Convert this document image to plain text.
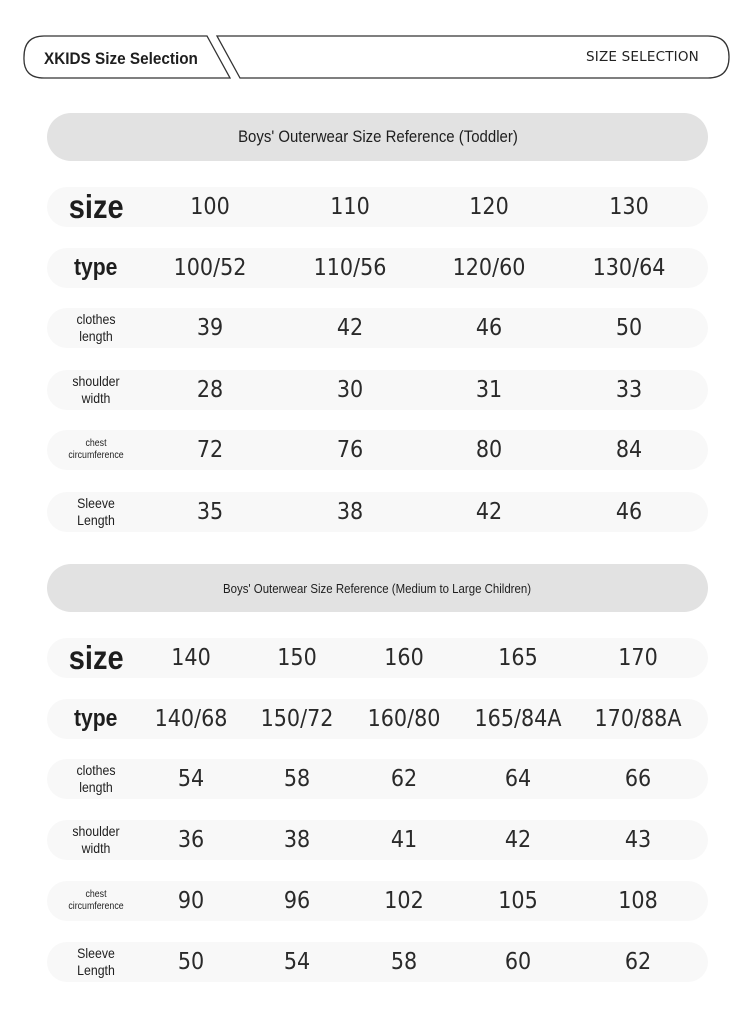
XKIDS Size Selection	SIZE SELECTION
Boys' Outerwear Size Reference (Toddler)
size	100	110	120	130
type 100/52	110/56	120/60	130/64
clothes length	39	42	46	50
shoulder width	28	30	31	33
chest circumference	72	76	80	84
Sleeve Length	35	38	42	46
Boys' Outerwear Size Reference (Medium to Large Children)
size 140	150	160	165	170
type 140/68 150/72 160/80 165/84A 170/88A
clothes length	54	58	62	64	66
shoulder width	36	38	41	42	43
chest circumference	90	96	102	105	108
Sleeve Length	50	54	58	60	62
